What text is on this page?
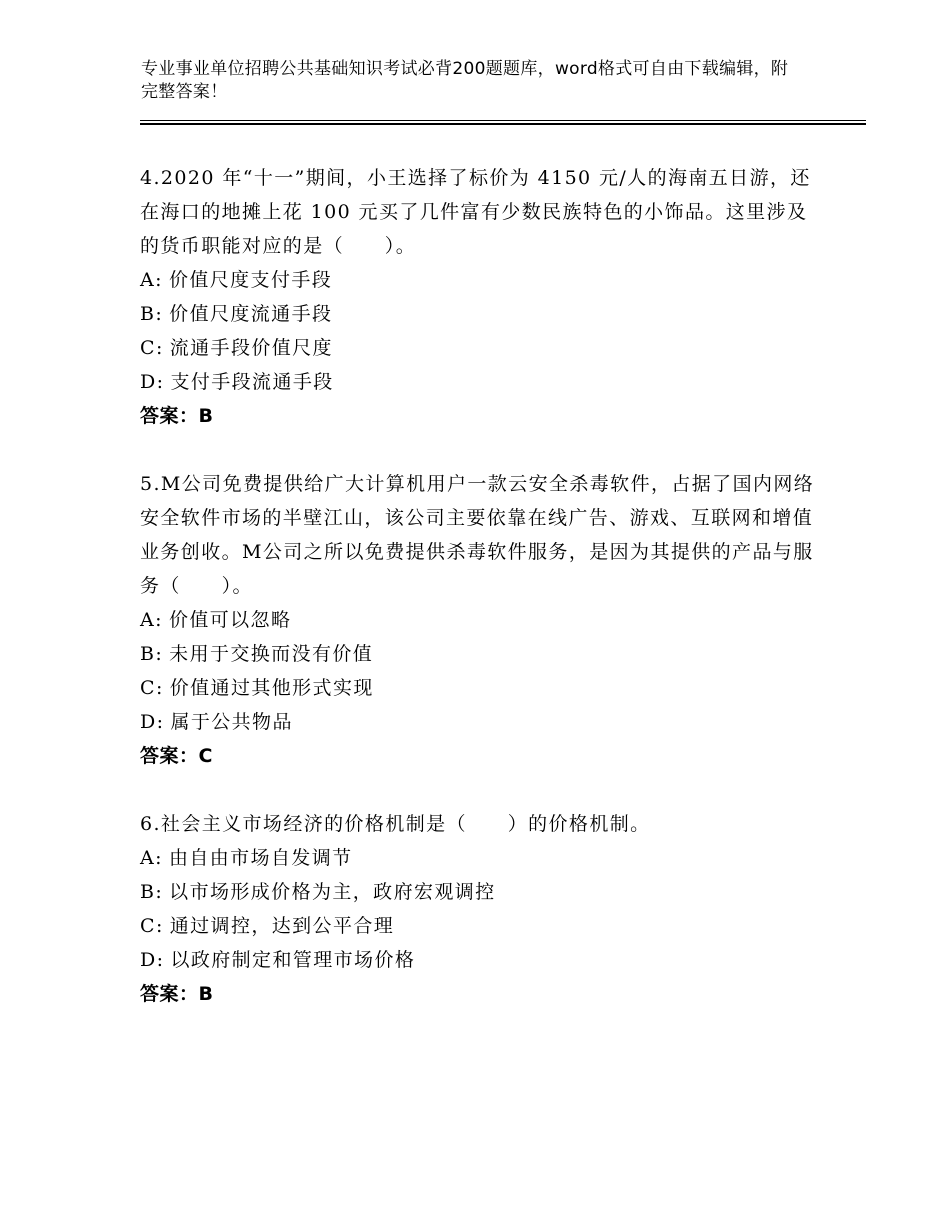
专业事业单位招聘公共基础知识考试必背200题题库，word格式可自由下载编辑，附完整答案！

4.2020 年“十一”期间，小王选择了标价为 4150 元/人的海南五日游，还在海口的地摊上花 100 元买了几件富有少数民族特色的小饰品。这里涉及的货币职能对应的是（　　）。

A: 价值尺度支付手段

B: 价值尺度流通手段

C: 流通手段价值尺度

D: 支付手段流通手段

答案：B

5.M公司免费提供给广大计算机用户一款云安全杀毒软件，占据了国内网络安全软件市场的半壁江山，该公司主要依靠在线广告、游戏、互联网和增值业务创收。M公司之所以免费提供杀毒软件服务，是因为其提供的产品与服务（　　）。

A: 价值可以忽略

B: 未用于交换而没有价值

C: 价值通过其他形式实现

D: 属于公共物品

答案：C

6.社会主义市场经济的价格机制是（　　）的价格机制。

A: 由自由市场自发调节

B: 以市场形成价格为主，政府宏观调控

C: 通过调控，达到公平合理

D: 以政府制定和管理市场价格

答案：B
